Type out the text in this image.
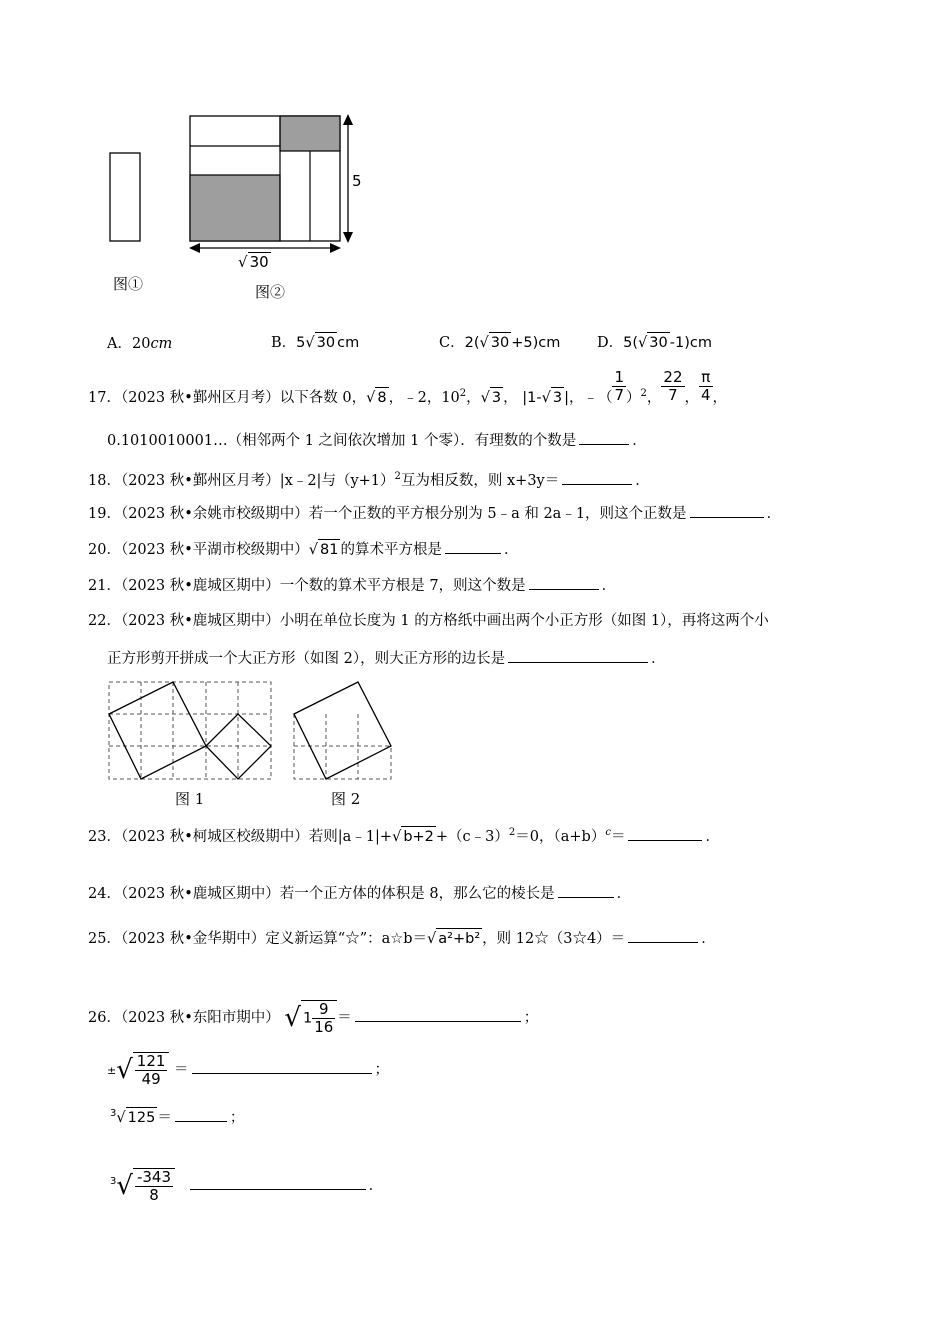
5
√ 30
图①	图②
A．20cm	B．5√ 30 cm	C．2(√ 30 +5)cm	D．5(√ 30 -1)cm
17．（2023 秋•鄞州区月考）以下各数 0，√ 8 ，﹣2，$10^2$，√ 3 ， |1-√ 3 |，﹣（ $\frac{1}{7} )^2$， $\frac{22}{7}$ ， $\frac{\pi}{4}$ ，
0.1010010001…（相邻两个 1 之间依次增加 1 个零）．有理数的个数是	．
18．（2023 秋•鄞州区月考）|x﹣2|与$(y+1)^2$互为相反数，则 x+3y＝	．
19．（2023 秋•余姚市校级期中）若一个正数的平方根分别为 5﹣a 和 2a﹣1，则这个正数是	．
20．（2023 秋•平湖市校级期中）√ 81 的算术平方根是	．
21．（2023 秋•鹿城区期中）一个数的算术平方根是 7，则这个数是	．
22．（2023 秋•鹿城区期中）小明在单位长度为 1 的方格纸中画出两个小正方形（如图 1），再将这两个小
正方形剪开拼成一个大正方形（如图 2），则大正方形的边长是	．
图 1	图 2
23．（2023 秋•柯城区校级期中）若则|a﹣1|+√ b+2 +（c﹣3）$^2$＝0，$(a+b)^c=$	．
24．（2023 秋•鹿城区期中）若一个正方体的体积是 8，那么它的棱长是	．
25．（2023 秋•金华期中）定义新运算“☆”：a☆b＝√ a²+b² ，则 12☆（3☆4）＝	．
26．（2023 秋•东阳市期中） √ $1 \frac{9}{16}$ ＝	；
±√ $\frac{121}{49}$ ＝	；
$^3$√ 125 ＝	；
$^3√ \frac{-343}{8}$	．
